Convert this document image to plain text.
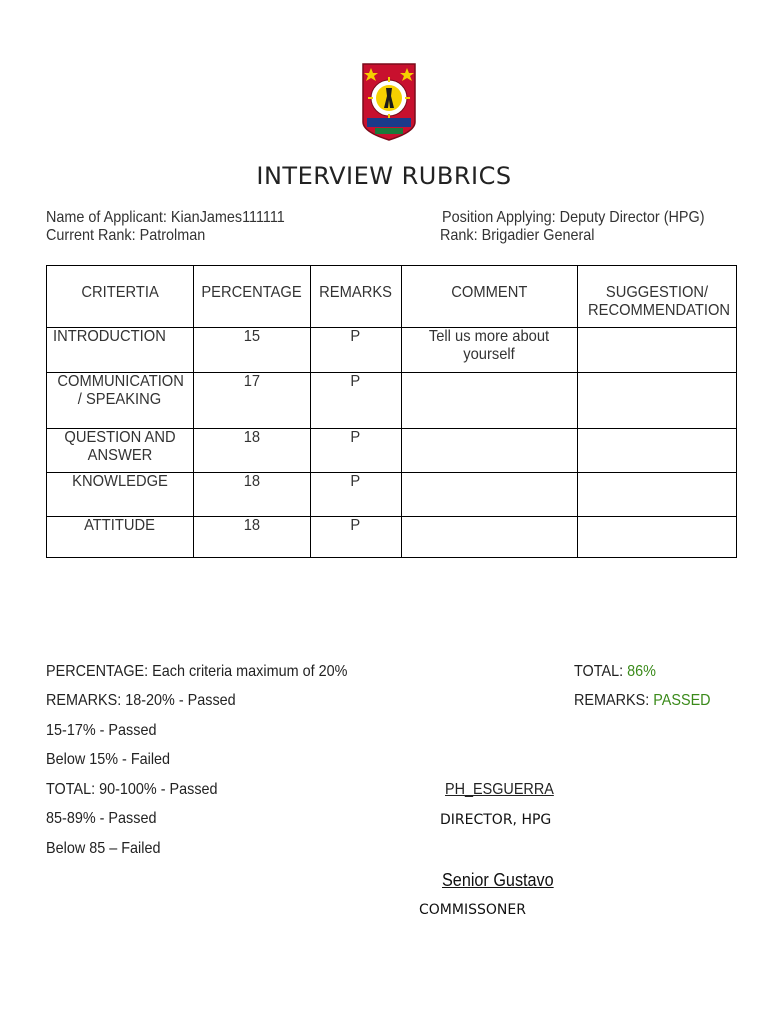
INTERVIEW RUBRICS
Name of Applicant: KianJames111111
Current Rank: Patrolman
Position Applying: Deputy Director (HPG)
Rank: Brigadier General
CRITERTIA	PERCENTAGE	REMARKS	COMMENT	SUGGESTION/ RECOMMENDATION
INTRODUCTION	15	P	Tell us more about yourself	
COMMUNICATION / SPEAKING	17	P		
QUESTION AND ANSWER	18	P		
KNOWLEDGE	18	P		
ATTITUDE	18	P		
PERCENTAGE: Each criteria maximum of 20%
REMARKS: 18-20% - Passed
15-17% - Passed
Below 15% - Failed
TOTAL: 90-100% - Passed
85-89% - Passed
Below 85 – Failed
TOTAL: 86%
REMARKS: PASSED
PH_ESGUERRA
DIRECTOR, HPG
Senior Gustavo
COMMISSONER
